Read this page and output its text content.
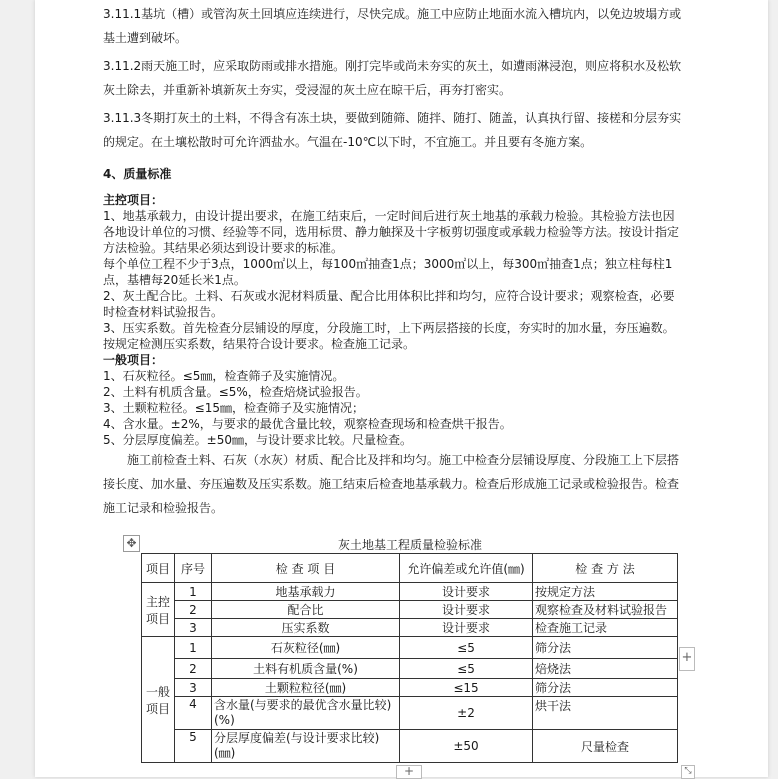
3.11.1基坑（槽）或管沟灰土回填应连续进行，尽快完成。施工中应防止地面水流入槽坑内，以免边坡塌方或基土遭到破坏。

3.11.2雨天施工时，应采取防雨或排水措施。刚打完毕或尚未夯实的灰土，如遭雨淋浸泡，则应将积水及松软灰土除去，并重新补填新灰土夯实，受浸湿的灰土应在晾干后，再夯打密实。

3.11.3冬期打灰土的土料，不得含有冻土块，要做到随筛、随拌、随打、随盖，认真执行留、接槎和分层夯实的规定。在土壤松散时可允许洒盐水。气温在-10℃以下时，不宜施工。并且要有冬施方案。

4、质量标准

主控项目：

1、地基承载力，由设计提出要求，在施工结束后，一定时间后进行灰土地基的承载力检验。其检验方法也因各地设计单位的习惯、经验等不同，选用标贯、静力触探及十字板剪切强度或承载力检验等方法。按设计指定方法检验。其结果必须达到设计要求的标准。

每个单位工程不少于3点，1000㎡以上，每100㎡抽查1点；3000㎡以上，每300㎡抽查1点；独立柱每柱1点，基槽每20延长米1点。

2、灰土配合比。土料、石灰或水泥材料质量、配合比用体积比拌和均匀，应符合设计要求；观察检查，必要时检查材料试验报告。

3、压实系数。首先检查分层铺设的厚度，分段施工时，上下两层搭接的长度，夯实时的加水量，夯压遍数。按规定检测压实系数，结果符合设计要求。检查施工记录。

一般项目：

1、石灰粒径。≤5㎜，检查筛子及实施情况。

2、土料有机质含量。≤5%，检查焙烧试验报告。

3、土颗粒粒径。≤15㎜，检查筛子及实施情况；

4、含水量。±2%，与要求的最优含量比较，观察检查现场和检查烘干报告。

5、分层厚度偏差。±50㎜，与设计要求比较。尺量检查。

施工前检查土料、石灰（水灰）材质、配合比及拌和均匀。施工中检查分层铺设厚度、分段施工上下层搭接长度、加水量、夯压遍数及压实系数。施工结束后检查地基承载力。检查后形成施工记录或检验报告。检查施工记录和检验报告。

✥	灰土地基工程质量检验标准
项目	序号	检 查 项 目	允许偏差或允许值(㎜)	检 查 方 法
主控项目	1	地基承载力	设计要求	按规定方法
	2	配合比	设计要求	观察检查及材料试验报告
	3	压实系数	设计要求	检查施工记录
一般项目	1	石灰粒径(㎜)	≤5	筛分法
	2	土料有机质含量(%)	≤5	焙烧法
	3	土颗粒粒径(㎜)	≤15	筛分法
	4	含水量(与要求的最优含水量比较)(%)	±2	烘干法
	5	分层厚度偏差(与设计要求比较)(㎜)	±50	尺量检查
+
+	⤡
